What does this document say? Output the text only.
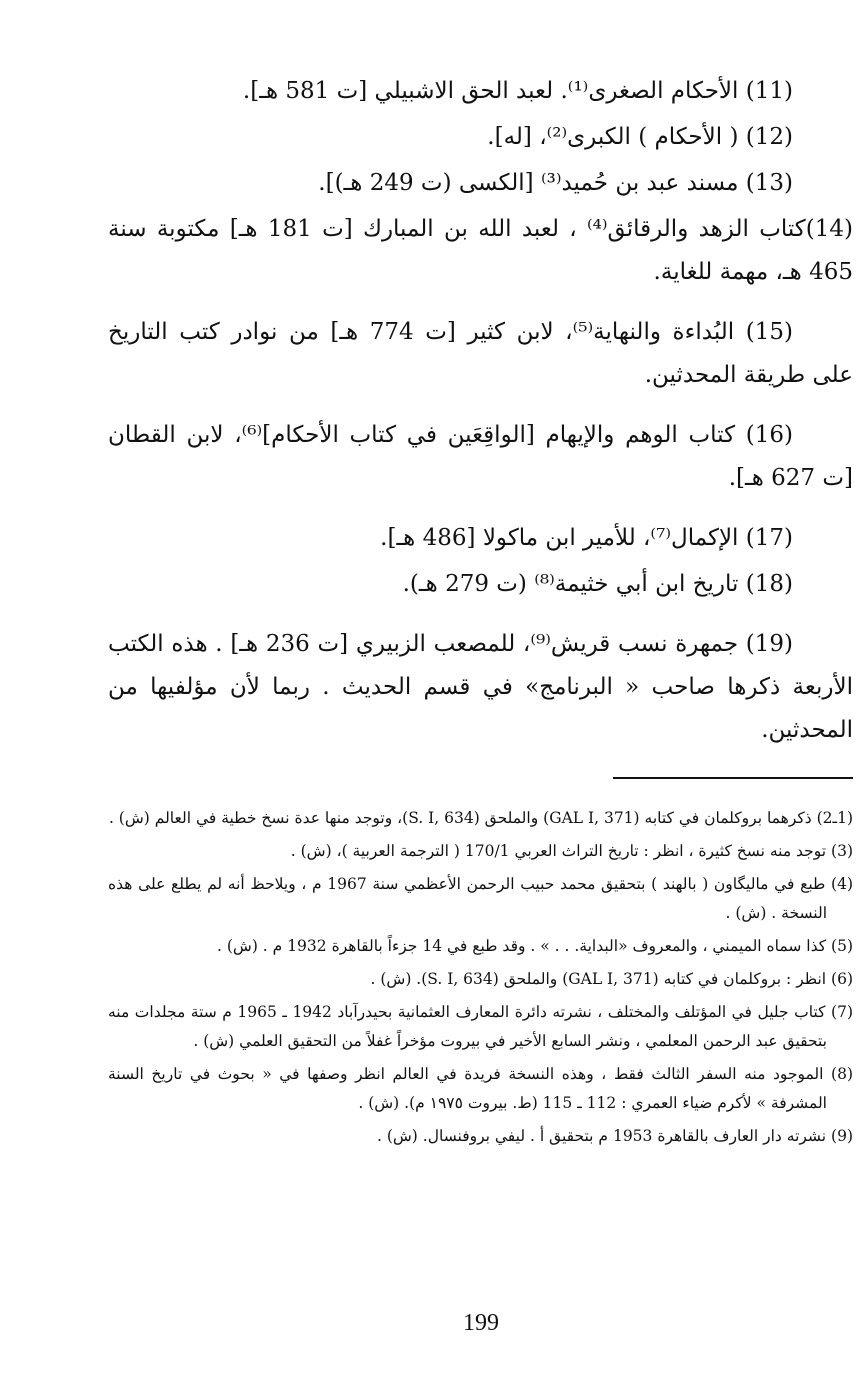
(11) الأحكام الصغرى⁽¹⁾. لعبد الحق الاشبيلي [ت 581 هـ].

(12) ( الأحكام ) الكبرى⁽²⁾، [له].

(13) مسند عبد بن حُميد⁽³⁾ [الكسى (ت 249 هـ)].

(14)كتاب الزهد والرقائق⁽⁴⁾ ، لعبد الله بن المبارك [ت 181 هـ] مكتوبة سنة 465 هـ، مهمة للغاية.

(15) البُداءة والنهاية⁽⁵⁾، لابن كثير [ت 774 هـ] من نوادر كتب التاريخ على طريقة المحدثين.

(16) كتاب الوهم والإيهام [الواقِعَين في كتاب الأحكام]⁽⁶⁾، لابن القطان [ت 627 هـ].

(17) الإكمال⁽⁷⁾، للأمير ابن ماكولا [486 هـ].

(18) تاريخ ابن أبي خثيمة⁽⁸⁾ (ت 279 هـ).

(19) جمهرة نسب قريش⁽⁹⁾، للمصعب الزبيري [ت 236 هـ] . هذه الكتب الأربعة ذكرها صاحب « البرنامج» في قسم الحديث . ربما لأن مؤلفيها من المحدثين.

(1ـ2) ذكرهما بروكلمان في كتابه (GAL I, 371) والملحق (S. I, 634)، وتوجد منها عدة نسخ خطية في العالم (ش) .

(3) توجد منه نسخ كثيرة ، انظر : تاريخ التراث العربي 170/1 ( الترجمة العربية )، (ش) .

(4) طبع في ماليگاون ( بالهند ) بتحقيق محمد حبيب الرحمن الأعظمي سنة 1967 م ، ويلاحظ أنه لم يطلع على هذه النسخة . (ش) .

(5) كذا سماه الميمني ، والمعروف «البداية. . . » . وقد طبع في 14 جزءاً بالقاهرة 1932 م . (ش) .

(6) انظر : بروكلمان في كتابه (GAL I, 371) والملحق (S. I, 634). (ش) .

(7) كتاب جليل في المؤتلف والمختلف ، نشرته دائرة المعارف العثمانية بحيدرآباد 1942 ـ 1965 م ستة مجلدات منه بتحقيق عبد الرحمن المعلمي ، ونشر السابع الأخير في بيروت مؤخراً غفلاً من التحقيق العلمي (ش) .

(8) الموجود منه السفر الثالث فقط ، وهذه النسخة فريدة في العالم انظر وصفها في « بحوث في تاريخ السنة المشرفة » لأكرم ضياء العمري : 112 ـ 115 (ط. بيروت ١٩٧٥ م). (ش) .

(9) نشرته دار العارف بالقاهرة 1953 م بتحقيق أ . ليفي بروفنسال. (ش) .

199
